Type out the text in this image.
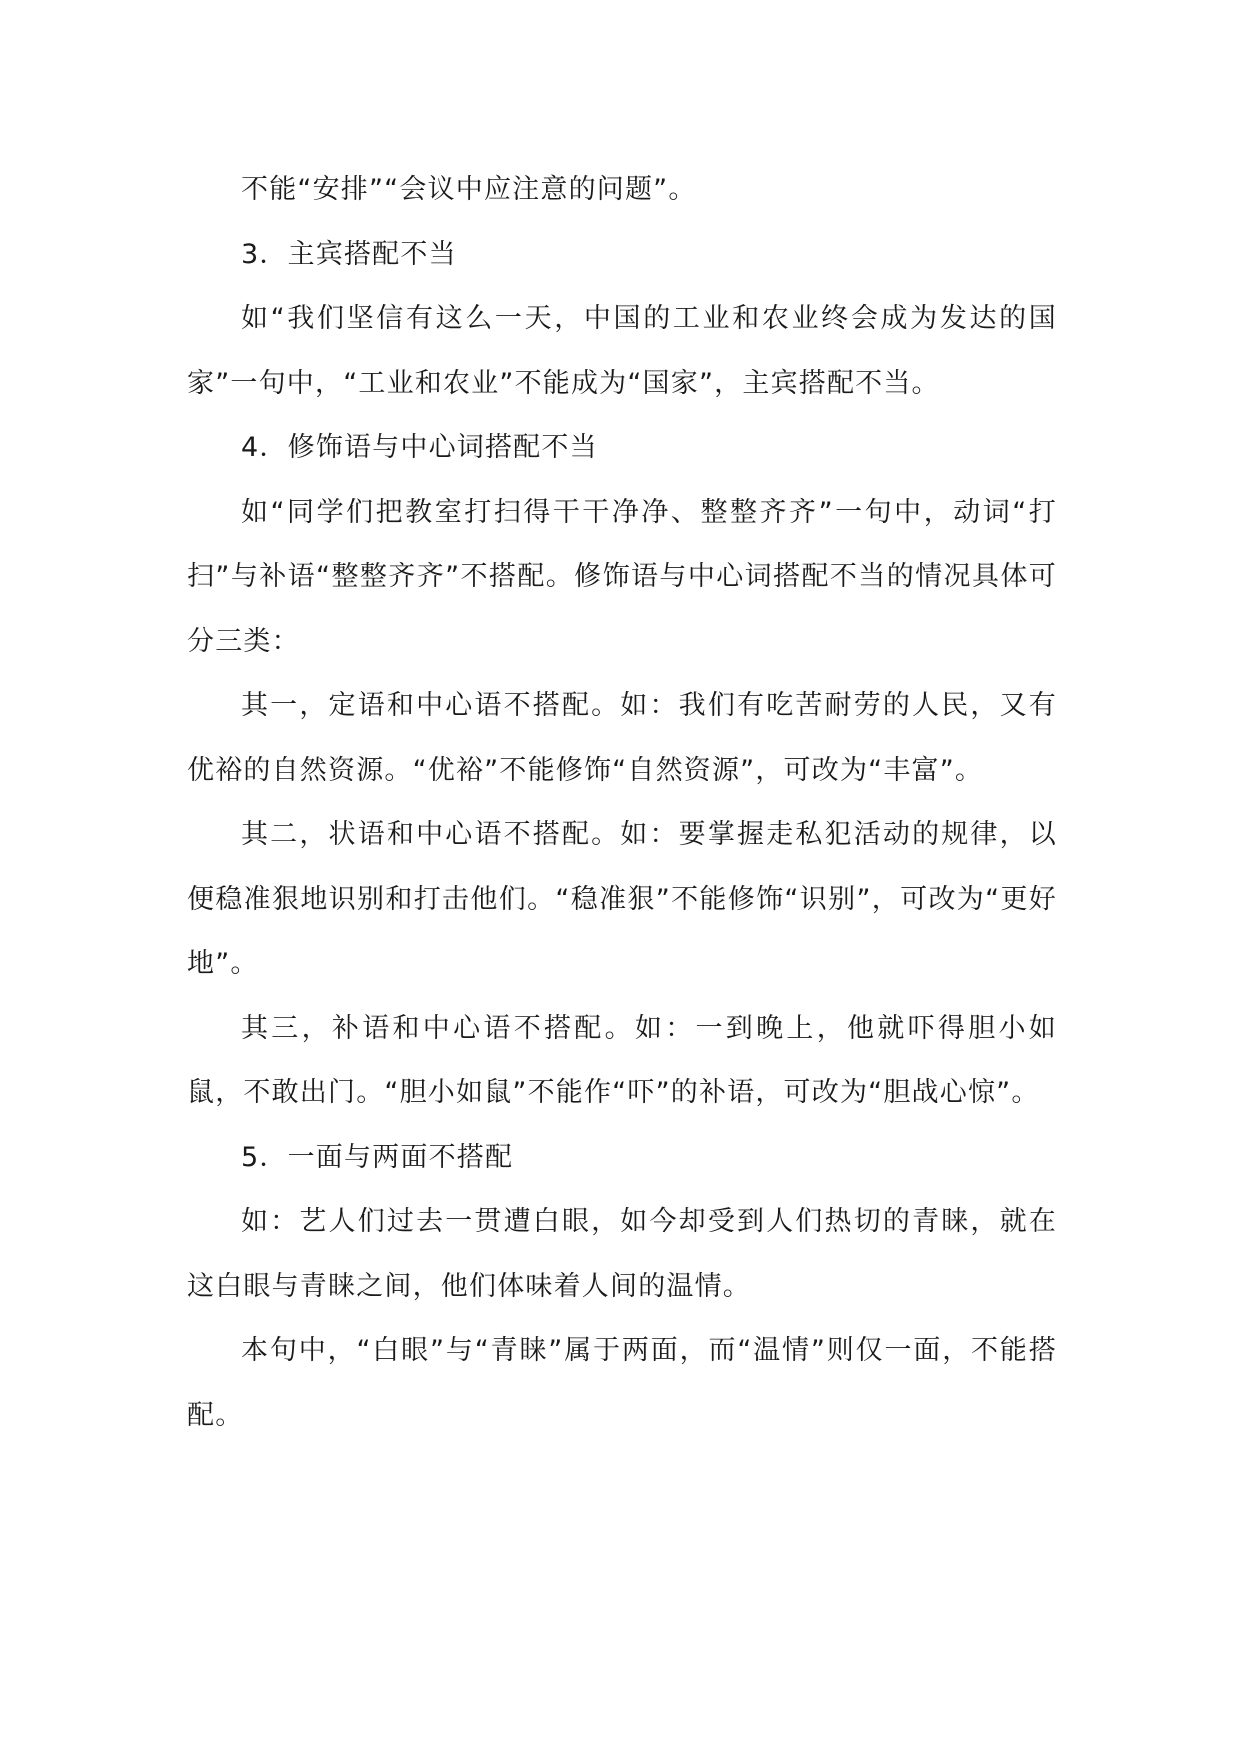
不能“安排”“会议中应注意的问题”。

3．主宾搭配不当

如“我们坚信有这么一天，中国的工业和农业终会成为发达的国家”一句中，“工业和农业”不能成为“国家”，主宾搭配不当。

4．修饰语与中心词搭配不当

如“同学们把教室打扫得干干净净、整整齐齐”一句中，动词“打扫”与补语“整整齐齐”不搭配。修饰语与中心词搭配不当的情况具体可分三类：

其一，定语和中心语不搭配。如：我们有吃苦耐劳的人民，又有优裕的自然资源。“优裕”不能修饰“自然资源”，可改为“丰富”。

其二，状语和中心语不搭配。如：要掌握走私犯活动的规律，以便稳准狠地识别和打击他们。“稳准狠”不能修饰“识别”，可改为“更好地”。

其三，补语和中心语不搭配。如：一到晚上，他就吓得胆小如鼠，不敢出门。“胆小如鼠”不能作“吓”的补语，可改为“胆战心惊”。

5．一面与两面不搭配

如：艺人们过去一贯遭白眼，如今却受到人们热切的青睐，就在这白眼与青睐之间，他们体味着人间的温情。

本句中，“白眼”与“青睐”属于两面，而“温情”则仅一面，不能搭配。
